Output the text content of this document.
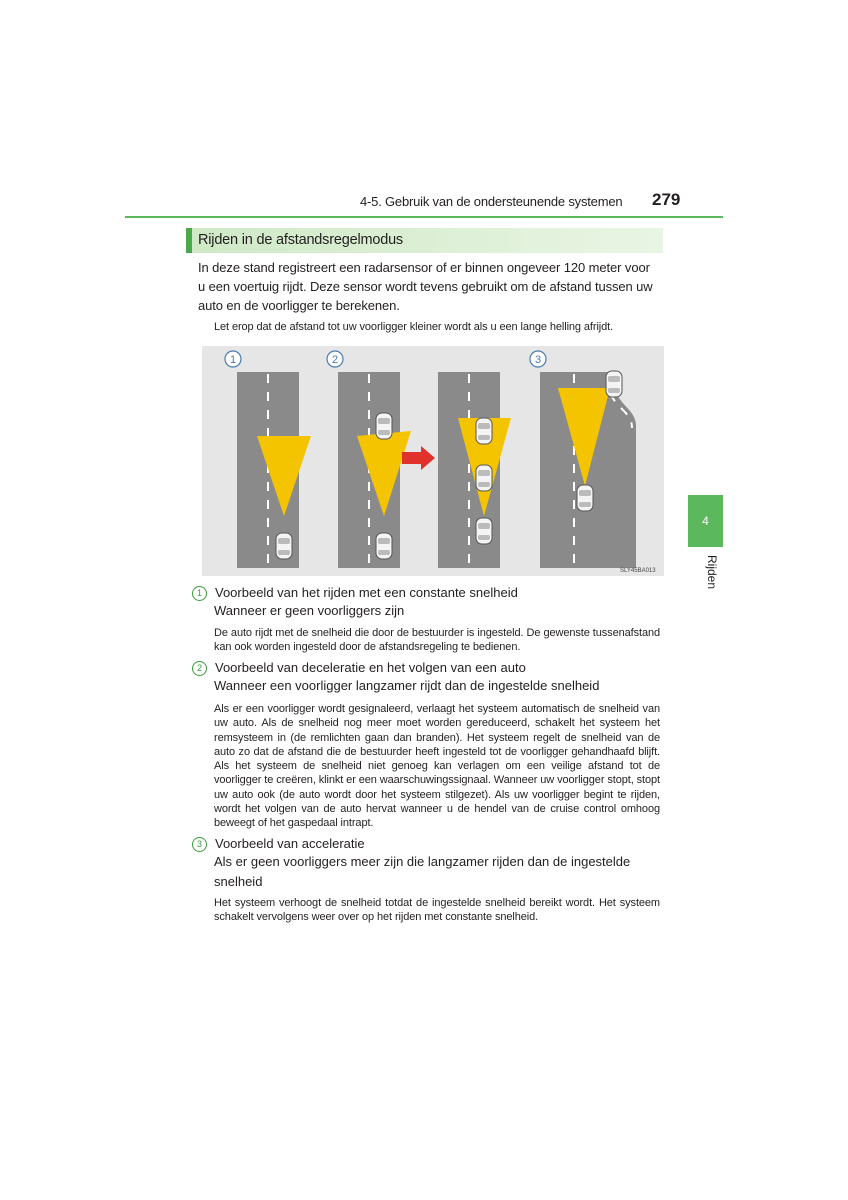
4-5. Gebruik van de ondersteunende systemen 279
Rijden in de afstandsregelmodus

In deze stand registreert een radarsensor of er binnen ongeveer 120 meter voor u een voertuig rijdt. Deze sensor wordt tevens gebruikt om de afstand tussen uw auto en de voorligger te berekenen.

Let erop dat de afstand tot uw voorligger kleiner wordt als u een lange helling afrijdt.

1	2	3
SLY45BA013
1 Voorbeeld van het rijden met een constante snelheid

Wanneer er geen voorliggers zijn

De auto rijdt met de snelheid die door de bestuurder is ingesteld. De gewenste tussenafstand kan ook worden ingesteld door de afstandsregeling te bedienen.

2 Voorbeeld van deceleratie en het volgen van een auto

Wanneer een voorligger langzamer rijdt dan de ingestelde snelheid

Als er een voorligger wordt gesignaleerd, verlaagt het systeem automatisch de snelheid van uw auto. Als de snelheid nog meer moet worden gereduceerd, schakelt het systeem het remsysteem in (de remlichten gaan dan branden). Het systeem regelt de snelheid van de auto zo dat de afstand die de bestuurder heeft ingesteld tot de voorligger gehandhaafd blijft. Als het systeem de snelheid niet genoeg kan verlagen om een veilige afstand tot de voorligger te creëren, klinkt er een waarschuwingssignaal. Wanneer uw voorligger stopt, stopt uw auto ook (de auto wordt door het systeem stilgezet). Als uw voorligger begint te rijden, wordt het volgen van de auto hervat wanneer u de hendel van de cruise control omhoog beweegt of het gaspedaal intrapt.

3 Voorbeeld van acceleratie

Als er geen voorliggers meer zijn die langzamer rijden dan de ingestelde snelheid

Het systeem verhoogt de snelheid totdat de ingestelde snelheid bereikt wordt. Het systeem schakelt vervolgens weer over op het rijden met constante snelheid.

4
Rijden
